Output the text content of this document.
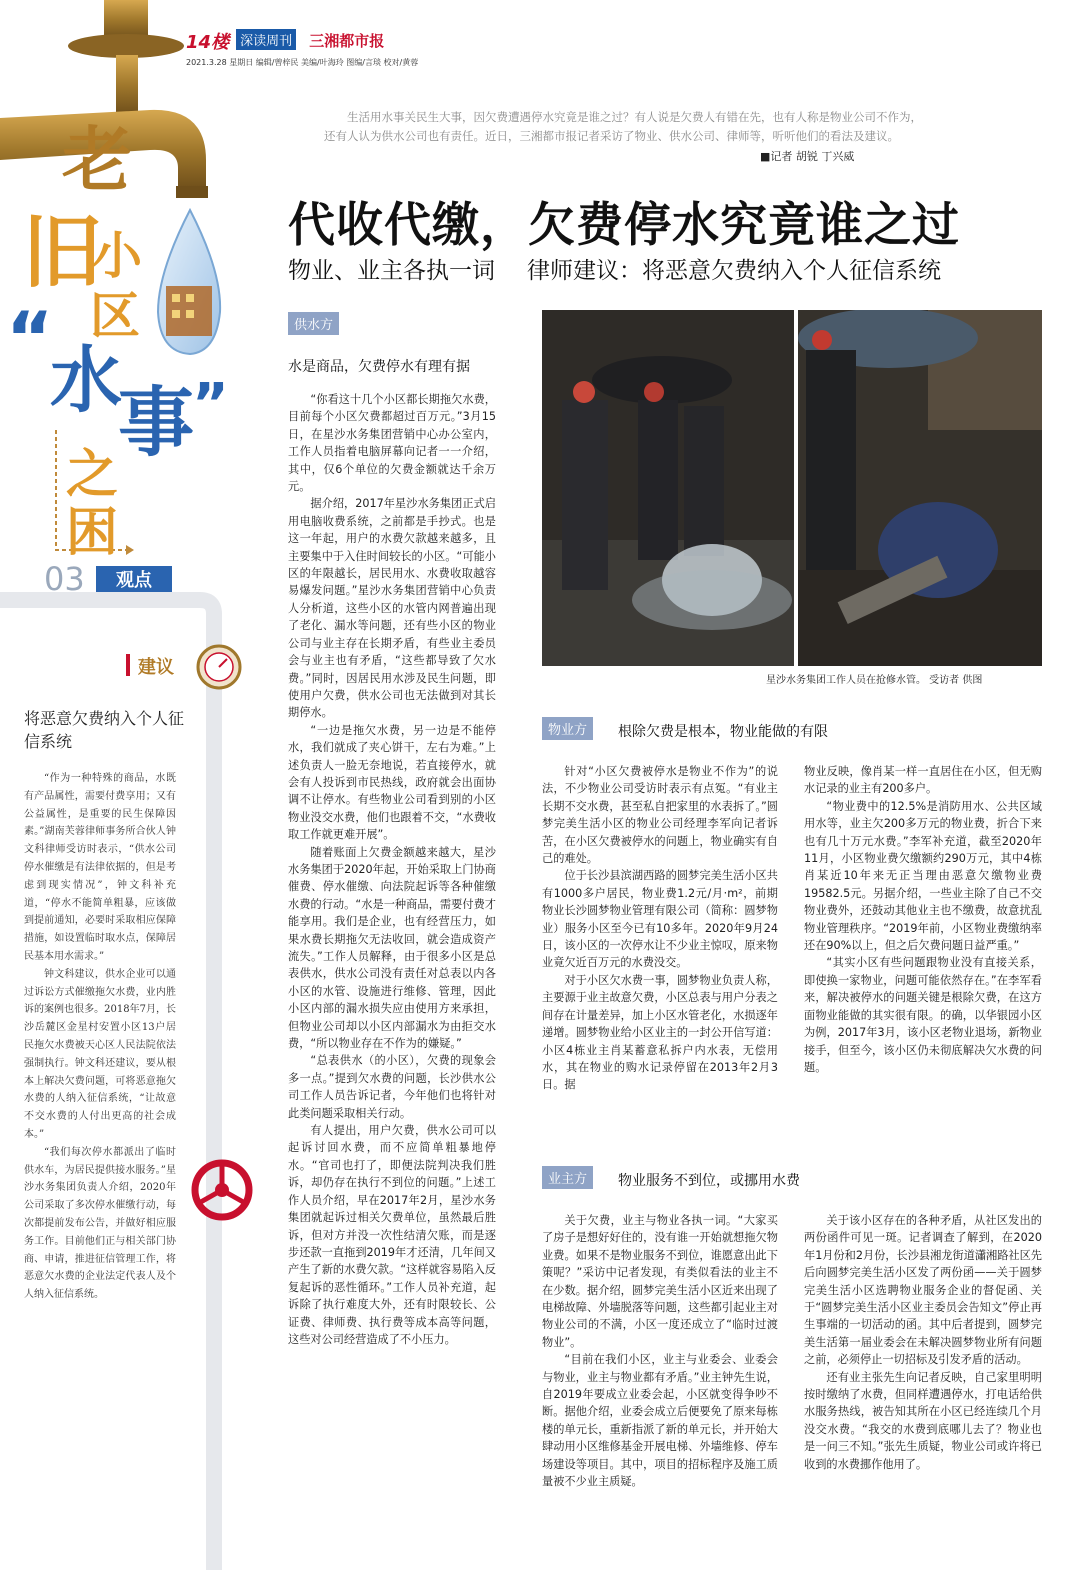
14楼 深读周刊 三湘都市报
2021.3.28 星期日 编辑/曾梓民 美编/叶海玲 图编/言琰 校对/黄蓉
老
旧
小
区
“
水
事
”
之
困
03	观点
建议
将恶意欠费纳入个人征信系统

“作为一种特殊的商品，水既有产品属性，需要付费享用；又有公益属性，是重要的民生保障因素。”湖南芙蓉律师事务所合伙人钟文科律师受访时表示，“供水公司停水催缴是有法律依据的，但是考虑到现实情况”，钟文科补充道，“停水不能简单粗暴，应该做到提前通知，必要时采取相应保障措施，如设置临时取水点，保障居民基本用水需求。”

钟文科建议，供水企业可以通过诉讼方式催缴拖欠水费，业内胜诉的案例也很多。2018年7月，长沙岳麓区金星村安置小区13户居民拖欠水费被天心区人民法院依法强制执行。钟文科还建议，要从根本上解决欠费问题，可将恶意拖欠水费的人纳入征信系统，“让故意不交水费的人付出更高的社会成本。”

“我们每次停水都派出了临时供水车，为居民提供接水服务。”星沙水务集团负责人介绍，2020年公司采取了多次停水催缴行动，每次都提前发布公告，并做好相应服务工作。目前他们正与相关部门协商、申请，推进征信管理工作，将恶意欠水费的企业法定代表人及个人纳入征信系统。

生活用水事关民生大事，因欠费遭遇停水究竟是谁之过？有人说是欠费人有错在先，也有人称是物业公司不作为，还有人认为供水公司也有责任。近日，三湘都市报记者采访了物业、供水公司、律师等，听听他们的看法及建议。
■记者 胡锐 丁兴威
代收代缴，欠费停水究竟谁之过
物业、业主各执一词 律师建议：将恶意欠费纳入个人征信系统
供水方
水是商品，欠费停水有理有据

“你看这十几个小区都长期拖欠水费，目前每个小区欠费都超过百万元。”3月15日，在星沙水务集团营销中心办公室内，工作人员指着电脑屏幕向记者一一介绍，其中，仅6个单位的欠费金额就达千余万元。

据介绍，2017年星沙水务集团正式启用电脑收费系统，之前都是手抄式。也是这一年起，用户的水费欠款越来越多，且主要集中于入住时间较长的小区。“可能小区的年限越长，居民用水、水费收取越容易爆发问题。”星沙水务集团营销中心负责人分析道，这些小区的水管内网普遍出现了老化、漏水等问题，还有些小区的物业公司与业主存在长期矛盾，有些业主委员会与业主也有矛盾，“这些都导致了欠水费。”同时，因居民用水涉及民生问题，即使用户欠费，供水公司也无法做到对其长期停水。

“一边是拖欠水费，另一边是不能停水，我们就成了夹心饼干，左右为难。”上述负责人一脸无奈地说，若直接停水，就会有人投诉到市民热线，政府就会出面协调不让停水。有些物业公司看到别的小区物业没交水费，他们也跟着不交，“水费收取工作就更难开展”。

随着账面上欠费金额越来越大，星沙水务集团于2020年起，开始采取上门协商催费、停水催缴、向法院起诉等各种催缴水费的行动。“水是一种商品，需要付费才能享用。我们是企业，也有经营压力，如果水费长期拖欠无法收回，就会造成资产流失。”工作人员解释，由于很多小区是总表供水，供水公司没有责任对总表以内各小区的水管、设施进行维修、管理，因此小区内部的漏水损失应由使用方来承担，但物业公司却以小区内部漏水为由拒交水费，“所以物业存在不作为的嫌疑。”

“总表供水（的小区），欠费的现象会多一点。”提到欠水费的问题，长沙供水公司工作人员告诉记者，今年他们也将针对此类问题采取相关行动。

有人提出，用户欠费，供水公司可以起诉讨回水费，而不应简单粗暴地停水。“官司也打了，即便法院判决我们胜诉，却仍存在执行不到位的问题。”上述工作人员介绍，早在2017年2月，星沙水务集团就起诉过相关欠费单位，虽然最后胜诉，但对方并没一次性结清欠账，而是逐步还款一直拖到2019年才还清，几年间又产生了新的水费欠款。“这样就容易陷入反复起诉的恶性循环。”工作人员补充道，起诉除了执行难度大外，还有时限较长、公证费、律师费、执行费等成本高等问题，这些对公司经营造成了不小压力。

星沙水务集团工作人员在抢修水管。 受访者 供图
物业方	根除欠费是根本，物业能做的有限

针对“小区欠费被停水是物业不作为”的说法，不少物业公司受访时表示有点冤。“有业主长期不交水费，甚至私自把家里的水表拆了。”圆梦完美生活小区的物业公司经理李军向记者诉苦，在小区欠费被停水的问题上，物业确实有自己的难处。

位于长沙县滨湖西路的圆梦完美生活小区共有1000多户居民，物业费1.2元/月·m²，前期物业长沙圆梦物业管理有限公司（简称：圆梦物业）服务小区至今已有10多年。2020年9月24日，该小区的一次停水让不少业主惊叹，原来物业竟欠近百万元的水费没交。

对于小区欠水费一事，圆梦物业负责人称，主要源于业主故意欠费，小区总表与用户分表之间存在计量差异，加上小区水管老化，水损逐年递增。圆梦物业给小区业主的一封公开信写道：小区4栋业主肖某蓄意私拆户内水表，无偿用水，其在物业的购水记录停留在2013年2月3日。据

物业反映，像肖某一样一直居住在小区，但无购水记录的业主有200多户。

“物业费中的12.5%是消防用水、公共区域用水等，业主欠200多万元的物业费，折合下来也有几十万元水费。”李军补充道，截至2020年11月，小区物业费欠缴额约290万元，其中4栋肖某近10年来无正当理由恶意欠缴物业费19582.5元。另据介绍，一些业主除了自己不交物业费外，还鼓动其他业主也不缴费，故意扰乱物业管理秩序。“2019年前，小区物业费缴纳率还在90%以上，但之后欠费问题日益严重。”

“其实小区有些问题跟物业没有直接关系，即使换一家物业，问题可能依然存在。”在李军看来，解决被停水的问题关键是根除欠费，在这方面物业能做的其实很有限。的确，以华银园小区为例，2017年3月，该小区老物业退场，新物业接手，但至今，该小区仍未彻底解决欠水费的问题。

业主方	物业服务不到位，或挪用水费

关于欠费，业主与物业各执一词。“大家买了房子是想好好住的，没有谁一开始就想拖欠物业费。如果不是物业服务不到位，谁愿意出此下策呢？”采访中记者发现，有类似看法的业主不在少数。据介绍，圆梦完美生活小区近来出现了电梯故障、外墙脱落等问题，这些都引起业主对物业公司的不满，小区一度还成立了“临时过渡物业”。

“目前在我们小区，业主与业委会、业委会与物业，业主与物业都有矛盾。”业主钟先生说，自2019年要成立业委会起，小区就变得争吵不断。据他介绍，业委会成立后便要免了原来每栋楼的单元长，重新指派了新的单元长，并开始大肆动用小区维修基金开展电梯、外墙维修、停车场建设等项目。其中，项目的招标程序及施工质量被不少业主质疑。

关于该小区存在的各种矛盾，从社区发出的两份函件可见一斑。记者调查了解到，在2020年1月份和2月份，长沙县湘龙街道瀟湘路社区先后向圆梦完美生活小区发了两份函——关于圆梦完美生活小区选聘物业服务企业的督促函、关于“圆梦完美生活小区业主委员会告知文”停止再生事端的一切活动的函。其中后者提到，圆梦完美生活第一届业委会在未解决圆梦物业所有问题之前，必须停止一切招标及引发矛盾的活动。

还有业主张先生向记者反映，自己家里明明按时缴纳了水费，但同样遭遇停水，打电话给供水服务热线，被告知其所在小区已经连续几个月没交水费。“我交的水费到底哪儿去了？物业也是一问三不知。”张先生质疑，物业公司或许将已收到的水费挪作他用了。
